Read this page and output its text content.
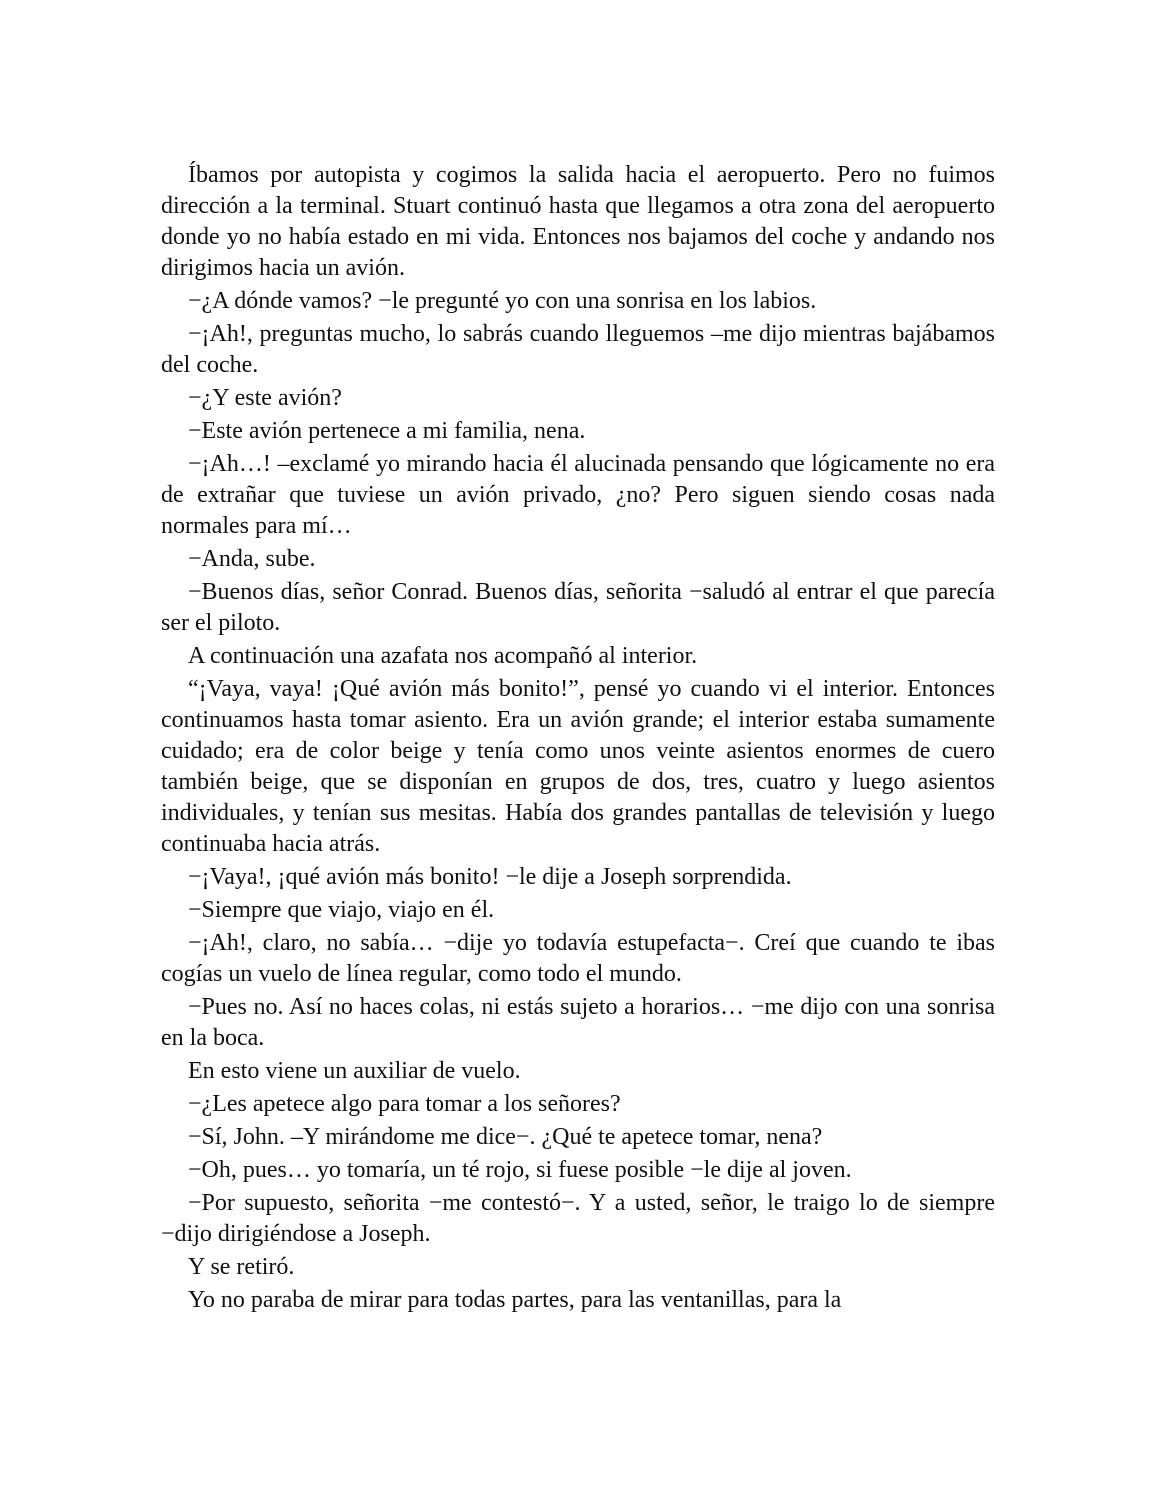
Íbamos por autopista y cogimos la salida hacia el aeropuerto. Pero no fuimos dirección a la terminal. Stuart continuó hasta que llegamos a otra zona del aeropuerto donde yo no había estado en mi vida. Entonces nos bajamos del coche y andando nos dirigimos hacia un avión.

−¿A dónde vamos? −le pregunté yo con una sonrisa en los labios.

−¡Ah!, preguntas mucho, lo sabrás cuando lleguemos –me dijo mientras bajábamos del coche.

−¿Y este avión?

−Este avión pertenece a mi familia, nena.

−¡Ah…! –exclamé yo mirando hacia él alucinada pensando que lógicamente no era de extrañar que tuviese un avión privado, ¿no? Pero siguen siendo cosas nada normales para mí…

−Anda, sube.

−Buenos días, señor Conrad. Buenos días, señorita −saludó al entrar el que parecía ser el piloto.

A continuación una azafata nos acompañó al interior.

“¡Vaya, vaya! ¡Qué avión más bonito!”, pensé yo cuando vi el interior. Entonces continuamos hasta tomar asiento. Era un avión grande; el interior estaba sumamente cuidado; era de color beige y tenía como unos veinte asientos enormes de cuero también beige, que se disponían en grupos de dos, tres, cuatro y luego asientos individuales, y tenían sus mesitas. Había dos grandes pantallas de televisión y luego continuaba hacia atrás.

−¡Vaya!, ¡qué avión más bonito! −le dije a Joseph sorprendida.

−Siempre que viajo, viajo en él.

−¡Ah!, claro, no sabía… −dije yo todavía estupefacta−. Creí que cuando te ibas cogías un vuelo de línea regular, como todo el mundo.

−Pues no. Así no haces colas, ni estás sujeto a horarios… −me dijo con una sonrisa en la boca.

En esto viene un auxiliar de vuelo.

−¿Les apetece algo para tomar a los señores?

−Sí, John. –Y mirándome me dice−. ¿Qué te apetece tomar, nena?

−Oh, pues… yo tomaría, un té rojo, si fuese posible −le dije al joven.

−Por supuesto, señorita −me contestó−. Y a usted, señor, le traigo lo de siempre −dijo dirigiéndose a Joseph.

Y se retiró.

Yo no paraba de mirar para todas partes, para las ventanillas, para la
